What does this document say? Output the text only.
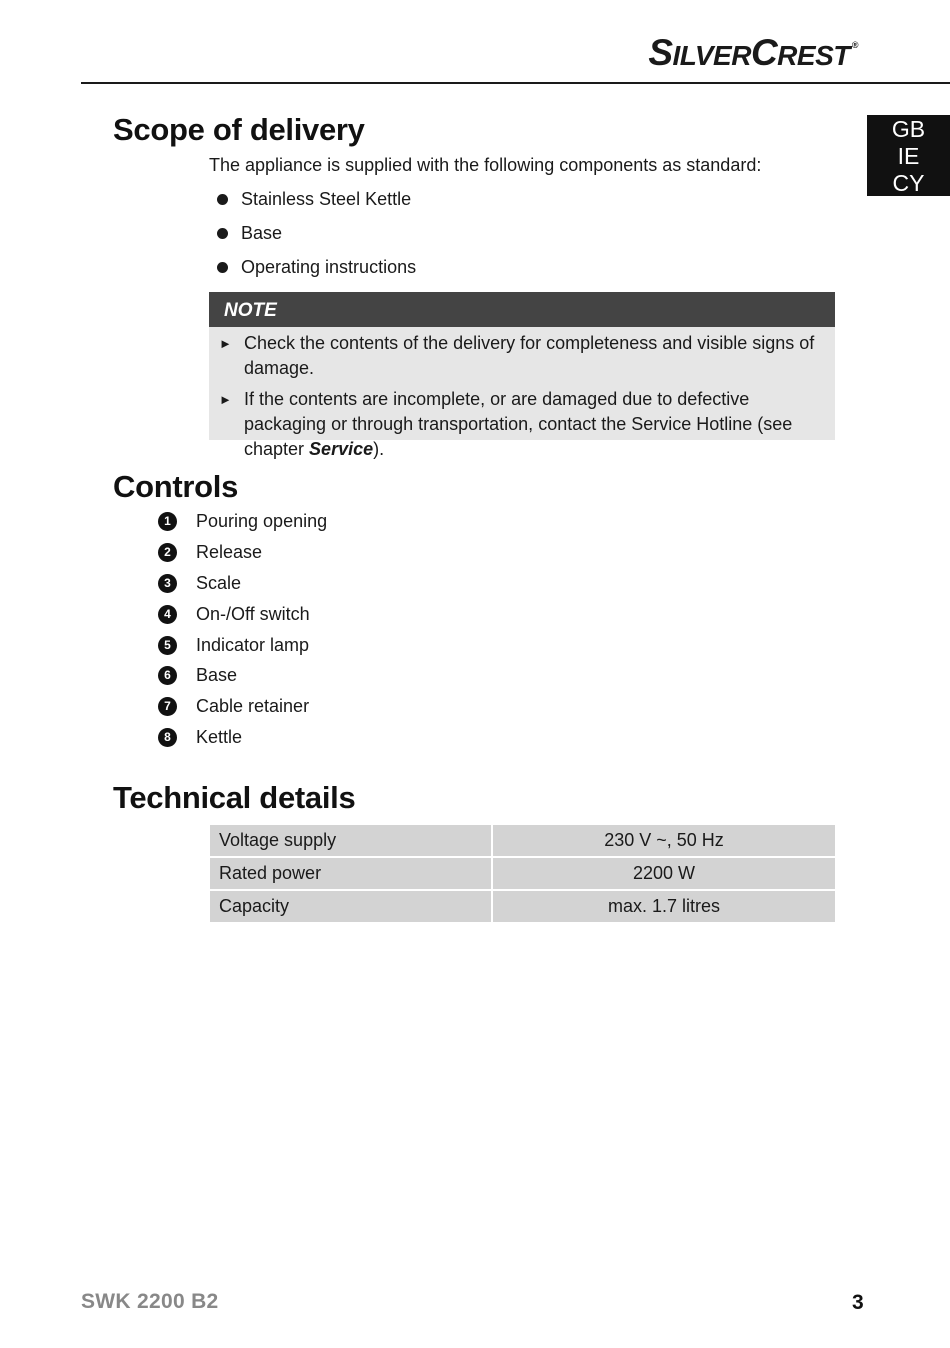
SILVERCREST ®
GB
IE
CY
Scope of delivery

The appliance is supplied with the following components as standard:

Stainless Steel Kettle
Base
Operating instructions
NOTE
► Check the contents of the delivery for completeness and visible signs of damage.
► If the contents are incomplete, or are damaged due to defective packaging or through transportation, contact the Service Hotline (see chapter Service).
Controls
1	Pouring opening
2	Release
3	Scale
4	On-/Off switch
5	Indicator lamp
6	Base
7	Cable retainer
8	Kettle
Technical details
Voltage supply	230 V ~, 50 Hz
Rated power	2200 W
Capacity	max. 1.7 litres
SWK 2200 B2	3
